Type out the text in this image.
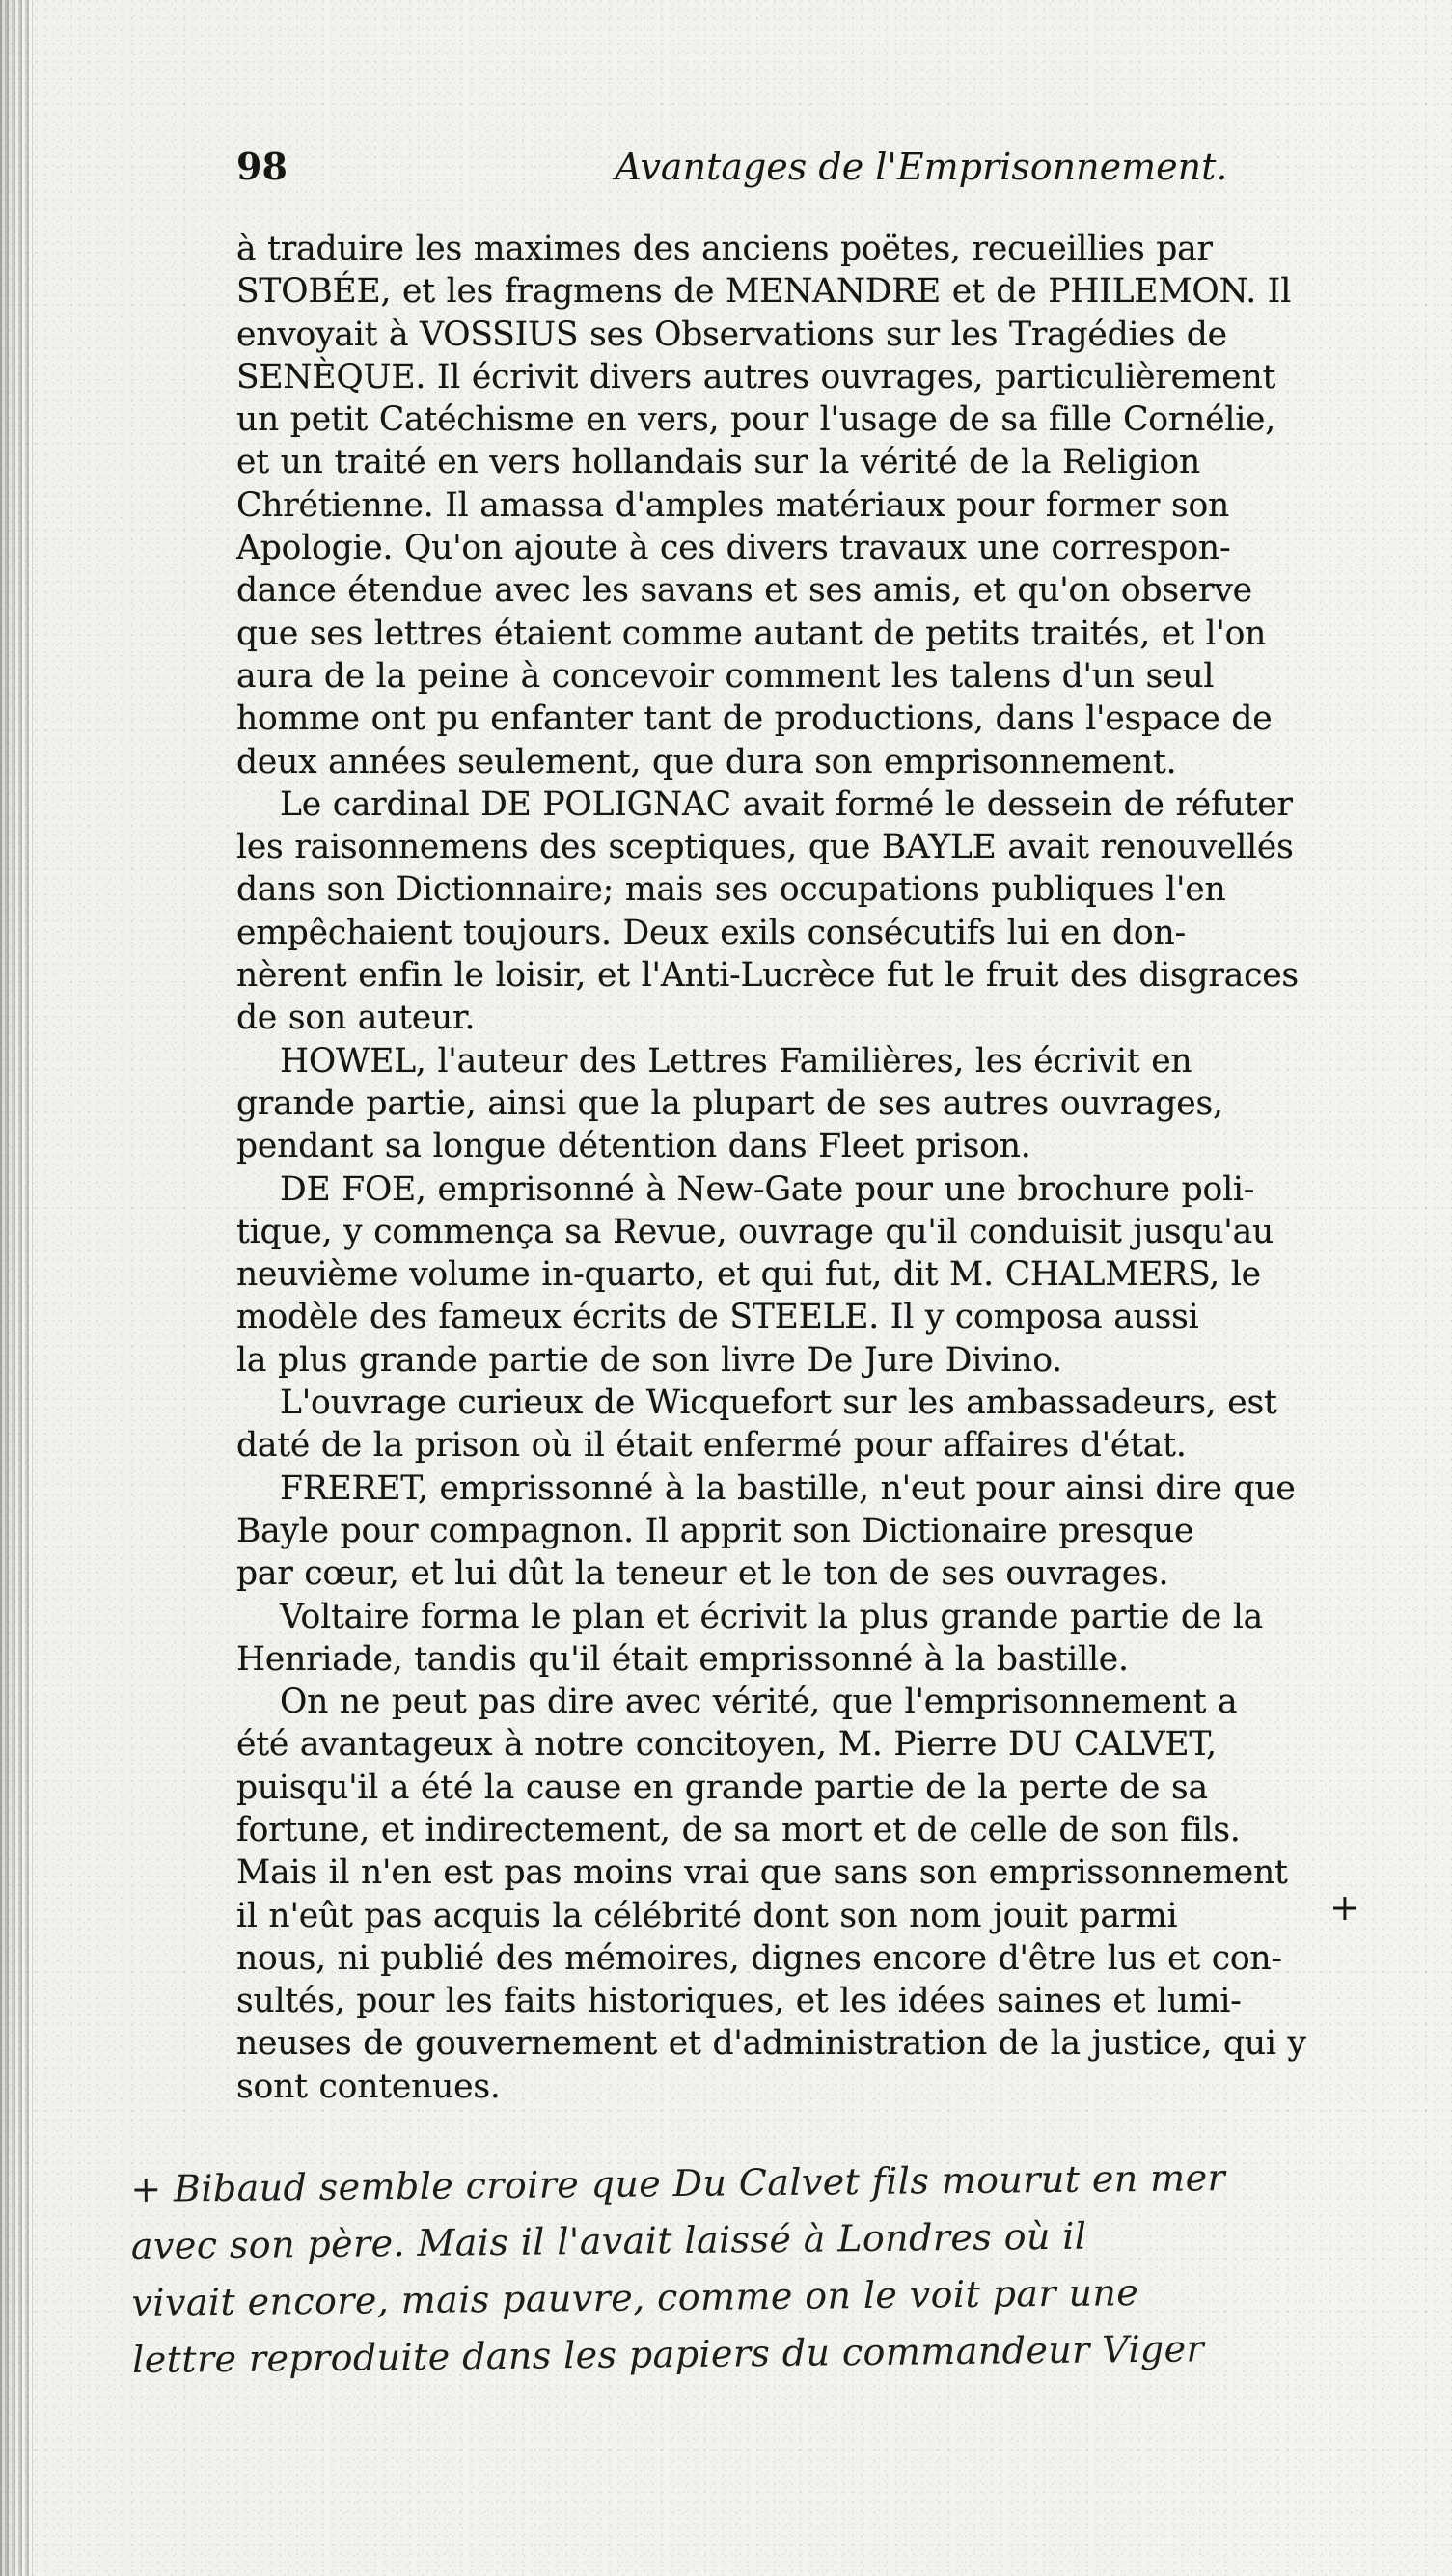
98	Avantages de l'Emprisonnement.
à traduire les maximes des anciens poëtes, recueillies par
STOBÉE, et les fragmens de MENANDRE et de PHILEMON. Il
envoyait à VOSSIUS ses Observations sur les Tragédies de
SENÈQUE. Il écrivit divers autres ouvrages, particulièrement
un petit Catéchisme en vers, pour l'usage de sa fille Cornélie,
et un traité en vers hollandais sur la vérité de la Religion
Chrétienne. Il amassa d'amples matériaux pour former son
Apologie. Qu'on ajoute à ces divers travaux une correspon-
dance étendue avec les savans et ses amis, et qu'on observe
que ses lettres étaient comme autant de petits traités, et l'on
aura de la peine à concevoir comment les talens d'un seul
homme ont pu enfanter tant de productions, dans l'espace de
deux années seulement, que dura son emprisonnement.
Le cardinal DE POLIGNAC avait formé le dessein de réfuter
les raisonnemens des sceptiques, que BAYLE avait renouvellés
dans son Dictionnaire; mais ses occupations publiques l'en
empêchaient toujours. Deux exils consécutifs lui en don-
nèrent enfin le loisir, et l'Anti-Lucrèce fut le fruit des disgraces
de son auteur.
HOWEL, l'auteur des Lettres Familières, les écrivit en
grande partie, ainsi que la plupart de ses autres ouvrages,
pendant sa longue détention dans Fleet prison.
DE FOE, emprisonné à New-Gate pour une brochure poli-
tique, y commença sa Revue, ouvrage qu'il conduisit jusqu'au
neuvième volume in-quarto, et qui fut, dit M. CHALMERS, le
modèle des fameux écrits de STEELE. Il y composa aussi
la plus grande partie de son livre De Jure Divino.
L'ouvrage curieux de Wicquefort sur les ambassadeurs, est
daté de la prison où il était enfermé pour affaires d'état.
FRERET, emprissonné à la bastille, n'eut pour ainsi dire que
Bayle pour compagnon. Il apprit son Dictionaire presque
par cœur, et lui dût la teneur et le ton de ses ouvrages.
Voltaire forma le plan et écrivit la plus grande partie de la
Henriade, tandis qu'il était emprissonné à la bastille.
On ne peut pas dire avec vérité, que l'emprisonnement a
été avantageux à notre concitoyen, M. Pierre DU CALVET,
puisqu'il a été la cause en grande partie de la perte de sa
fortune, et indirectement, de sa mort et de celle de son fils.
Mais il n'en est pas moins vrai que sans son emprissonnement
il n'eût pas acquis la célébrité dont son nom jouit parmi
nous, ni publié des mémoires, dignes encore d'être lus et con-
sultés, pour les faits historiques, et les idées saines et lumi-
neuses de gouvernement et d'administration de la justice, qui y
sont contenues.
+
+ Bibaud semble croire que Du Calvet fils mourut en mer
avec son père. Mais il l'avait laissé à Londres où il
vivait encore, mais pauvre, comme on le voit par une
lettre reproduite dans les papiers du commandeur Viger
